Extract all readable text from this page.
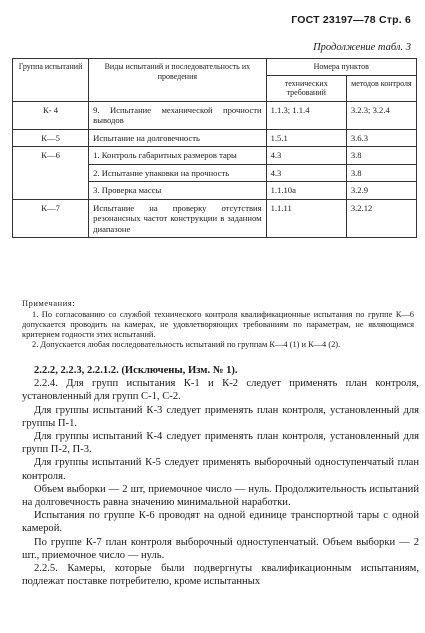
ГОСТ 23197—78 Стр. 6
Продолжение табл. 3
Группа испытаний	Виды испытаний и последовательность их проведения	Номера пунктов	
		технических требований	методов контроля
К- 4	9. Испытание механической прочности выводов	1.1.3; 1.1.4	3.2.3; 3.2.4
К—5	Испытание на долговечность	1.5.1	3.6.3
К—6	1. Контроль габаритных размеров тары	4.3	3.8
	2. Испытание упаковки на прочность	4.3	3.8
	3. Проверка массы	1.1.10а	3.2.9
К—7	Испытание на проверку отсутствия резонансных частот конструкции в заданном диапазоне	1.1.11	3.2.12

Примечания:

1. По согласованию со службой технического контроля квалификационные испытания по группе К—6 допускается проводить на камерах, не удовлетворяющих требованиям по параметрам, не являющимся критерием годности этих испытаний.

2. Допускается любая последовательность испытаний по группам К—4 (1) и К—4 (2).

2.2.2, 2.2.3, 2.2.1.2. (Исключены, Изм. № 1).

2.2.4. Для групп испытания К-1 и К-2 следует применять план контроля, установленный для групп С-1, С-2.

Для группы испытаний К-3 следует применять план контроля, установленный для группы П-1.

Для группы испытаний К-4 следует применять план контроля, установленный для групп П-2, П-3.

Для группы испытаний К-5 следует применять выборочный одноступенчатый план контроля.

Объем выборки — 2 шт, приемочное число — нуль. Продолжительность испытаний на долговечность равна значению минимальной наработки.

Испытания по группе К-6 проводят на одной единице транспортной тары с одной камерой.

По группе К-7 план контроля выборочный одноступенчатый. Объем выборки — 2 шт., приемочное число — нуль.

2.2.5. Камеры, которые были подвергнуты квалификационным испытаниям, подлежат поставке потребителю, кроме испытанных
